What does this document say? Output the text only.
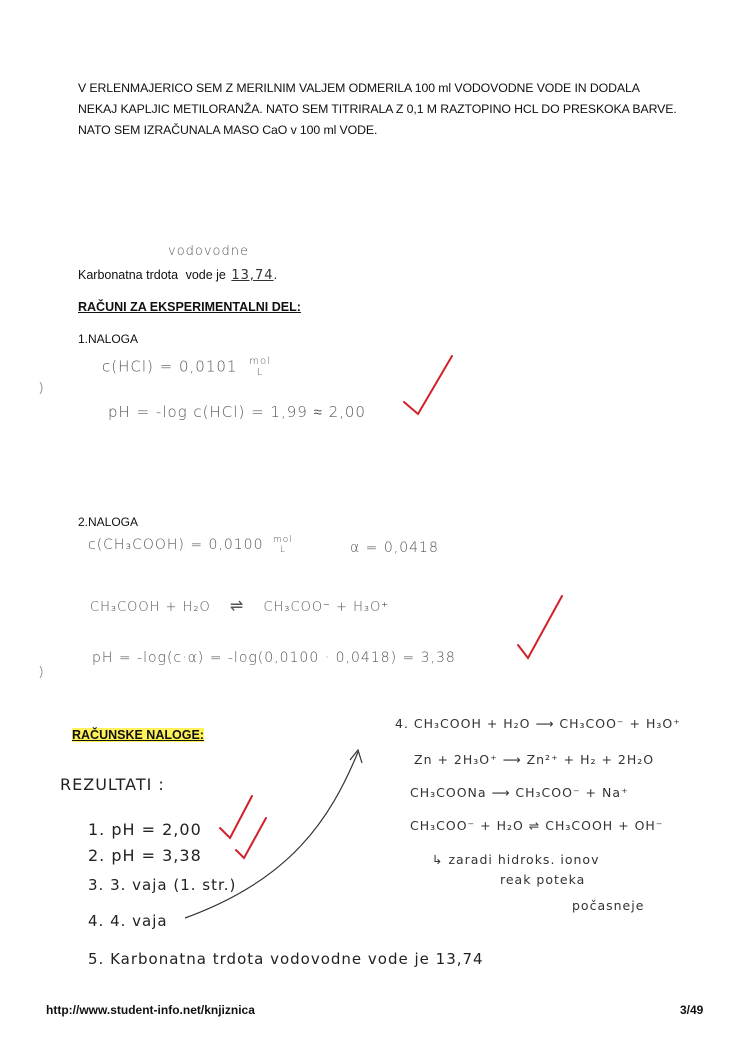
V ERLENMAJERICO SEM Z MERILNIM VALJEM ODMERILA 100 ml VODOVODNE VODE IN DODALA NEKAJ KAPLJIC METILORANŽA. NATO SEM TITRIRALA Z 0,1 M RAZTOPINO HCL DO PRESKOKA BARVE. NATO SEM IZRAČUNALA MASO CaO v 100 ml VODE.
vodovodne
Karbonatna trdota vode je 13,74.
RAČUNI ZA EKSPERIMENTALNI DEL:
1.NALOGA
c(HCl) = 0,0101 mol
L
pH = -log c(HCl) = 1,99 ≈ 2,00
2.NALOGA
c(CH₃COOH) = 0,0100 mol
L	α = 0,0418
CH₃COOH + H₂O ⇌ CH₃COO⁻ + H₃O⁺
pH = -log(c·α) = -log(0,0100 · 0,0418) = 3,38
RAČUNSKE NALOGE:
REZULTATI :
1. pH = 2,00
2. pH = 3,38
3. 3. vaja (1. str.)
4. 4. vaja
5. Karbonatna trdota vodovodne vode je 13,74
4. CH₃COOH + H₂O ⟶ CH₃COO⁻ + H₃O⁺
Zn + 2H₃O⁺ ⟶ Zn²⁺ + H₂ + 2H₂O
CH₃COONa ⟶ CH₃COO⁻ + Na⁺
CH₃COO⁻ + H₂O ⇌ CH₃COOH + OH⁻
↳ zaradi hidroks. ionov
reak poteka
počasneje
http://www.student-info.net/knjiznica	3/49
